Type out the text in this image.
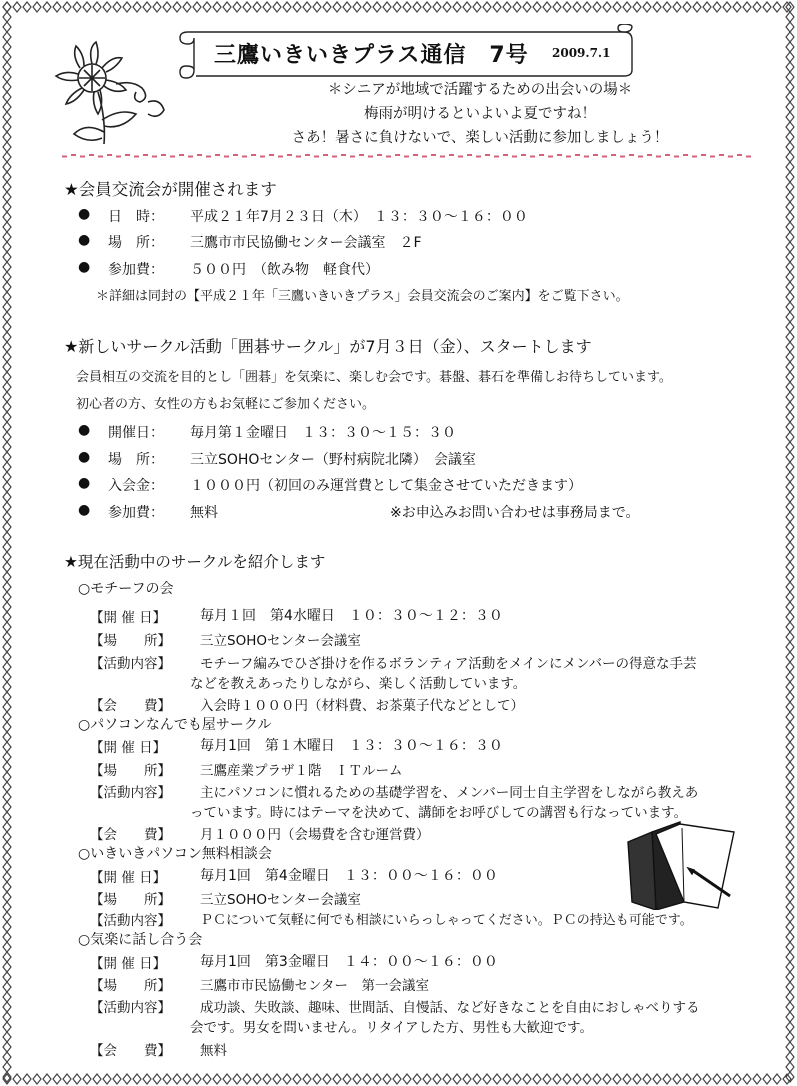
三鷹いきいきプラス通信　7号 2009.7.1
＊シニアが地域で活躍するための出会いの場＊
梅雨が明けるといよいよ夏ですね！
さあ！暑さに負けないで、楽しい活動に参加しましょう！
★会員交流会が開催されます
● 日　時： 平成２１年7月２３日（木）　１３：３０～１６：００
● 場　所： 三鷹市市民協働センター会議室　２F
● 参加費： ５００円　（飲み物　軽食代）
＊詳細は同封の【平成２１年「三鷹いきいきプラス」会員交流会のご案内】をご覧下さい。
★新しいサークル活動「囲碁サークル」が7月３日（金）、スタートします
会員相互の交流を目的とし「囲碁」を気楽に、楽しむ会です。碁盤、碁石を準備しお待ちしています。
初心者の方、女性の方もお気軽にご参加ください。
● 開催日： 毎月第１金曜日　１３：３０～１５：３０
● 場　所： 三立SOHOセンター（野村病院北隣）　会議室
● 入会金： １０００円（初回のみ運営費として集金させていただきます）
● 参加費： 無料	※お申込みお問い合わせは事務局まで。
★現在活動中のサークルを紹介します
○モチーフの会
【開 催 日】 毎月１回　第4水曜日　１０：３０～１２：３０
【場　　所】 三立SOHOセンター会議室
【活動内容】 モチーフ編みでひざ掛けを作るボランティア活動をメインにメンバーの得意な手芸
などを教えあったりしながら、楽しく活動しています。
【会　　費】 入会時１０００円（材料費、お茶菓子代などとして）
○パソコンなんでも屋サークル
【開 催 日】 毎月1回　第１木曜日　１３：３０～１６：３０
【場　　所】 三鷹産業プラザ１階　ＩＴルーム
【活動内容】 主にパソコンに慣れるための基礎学習を、メンバー同士自主学習をしながら教えあ
っています。時にはテーマを決めて、講師をお呼びしての講習も行なっています。
【会　　費】 月１０００円（会場費を含む運営費）
○いきいきパソコン無料相談会
【開 催 日】 毎月1回　第4金曜日　１３：００～１６：００
【場　　所】 三立SOHOセンター会議室
【活動内容】 ＰＣについて気軽に何でも相談にいらっしゃってください。ＰＣの持込も可能です。
○気楽に話し合う会
【開 催 日】 毎月1回　第3金曜日　１４：００～１６：００
【場　　所】 三鷹市市民協働センター　第一会議室
【活動内容】 成功談、失敗談、趣味、世間話、自慢話、など好きなことを自由におしゃべりする
会です。男女を問いません。リタイアした方、男性も大歓迎です。
【会　　費】 無料
